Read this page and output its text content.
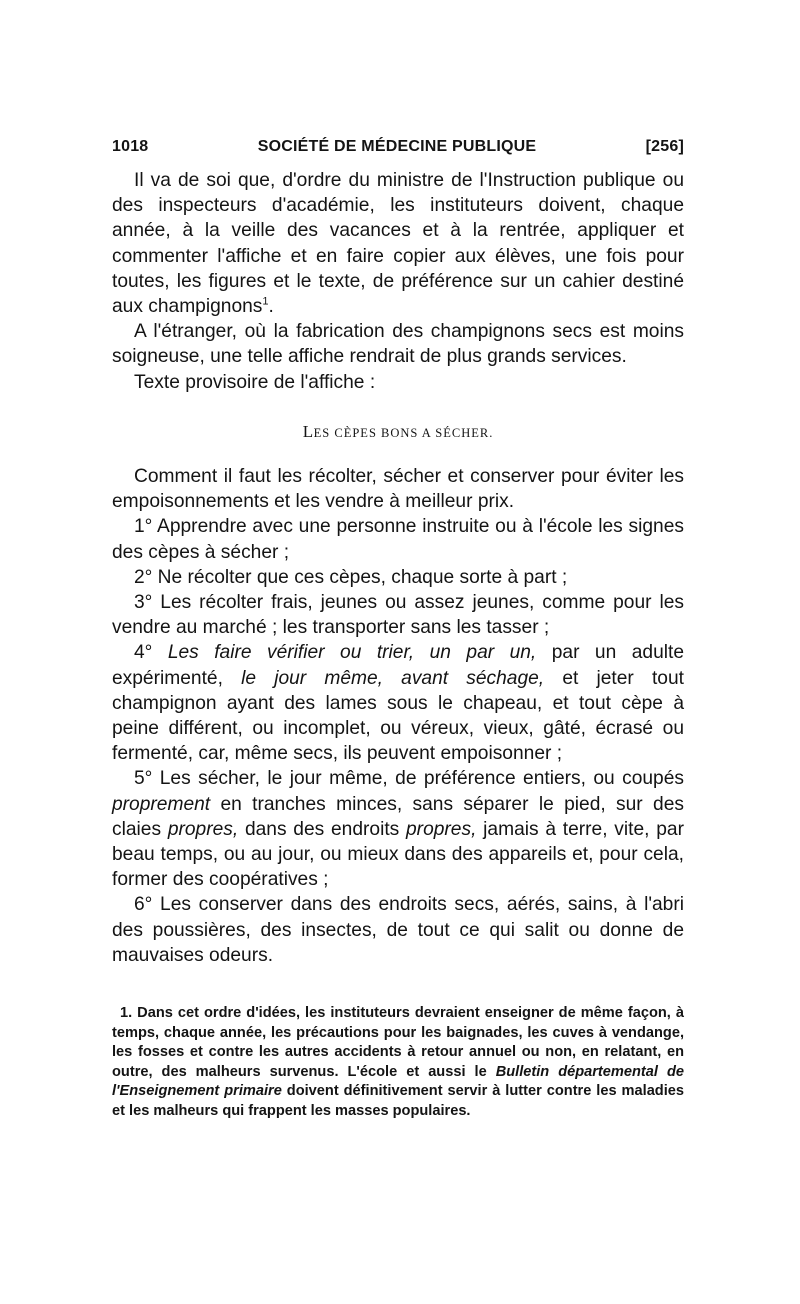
1018	SOCIÉTÉ DE MÉDECINE PUBLIQUE	[256]

Il va de soi que, d'ordre du ministre de l'Instruction publique ou des inspecteurs d'académie, les instituteurs doivent, chaque année, à la veille des vacances et à la rentrée, appliquer et commenter l'affiche et en faire copier aux élèves, une fois pour toutes, les figures et le texte, de préférence sur un cahier destiné aux champignons$^1$.

A l'étranger, où la fabrication des champignons secs est moins soigneuse, une telle affiche rendrait de plus grands services.

Texte provisoire de l'affiche :

LES CÈPES BONS A SÉCHER.

Comment il faut les récolter, sécher et conserver pour éviter les empoisonnements et les vendre à meilleur prix.

1° Apprendre avec une personne instruite ou à l'école les signes des cèpes à sécher ;

2° Ne récolter que ces cèpes, chaque sorte à part ;

3° Les récolter frais, jeunes ou assez jeunes, comme pour les vendre au marché ; les transporter sans les tasser ;

4° Les faire vérifier ou trier, un par un, par un adulte expérimenté, le jour même, avant séchage, et jeter tout champignon ayant des lames sous le chapeau, et tout cèpe à peine différent, ou incomplet, ou véreux, vieux, gâté, écrasé ou fermenté, car, même secs, ils peuvent empoisonner ;

5° Les sécher, le jour même, de préférence entiers, ou coupés proprement en tranches minces, sans séparer le pied, sur des claies propres, dans des endroits propres, jamais à terre, vite, par beau temps, ou au jour, ou mieux dans des appareils et, pour cela, former des coopératives ;

6° Les conserver dans des endroits secs, aérés, sains, à l'abri des poussières, des insectes, de tout ce qui salit ou donne de mauvaises odeurs.

1. Dans cet ordre d'idées, les instituteurs devraient enseigner de même façon, à temps, chaque année, les précautions pour les baignades, les cuves à vendange, les fosses et contre les autres accidents à retour annuel ou non, en relatant, en outre, des malheurs survenus. L'école et aussi le Bulletin départemental de l'Enseignement primaire doivent définitivement servir à lutter contre les maladies et les malheurs qui frappent les masses populaires.
